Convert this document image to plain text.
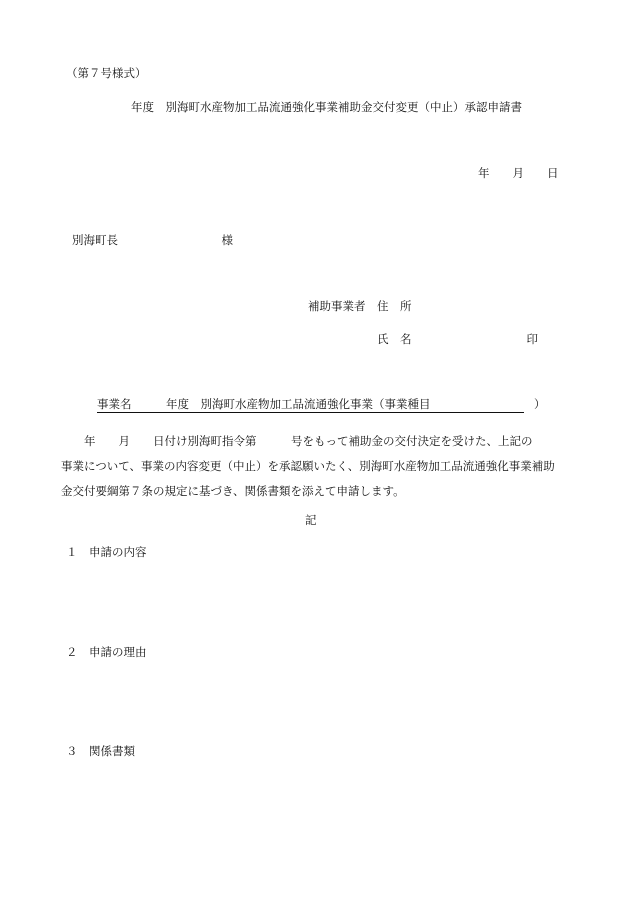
（第７号様式）
年度　別海町水産物加工品流通強化事業補助金交付変更（中止）承認申請書
年　　月　　日
別海町長　　　　　　　　　様
補助事業者　住　所
氏　名　　　　　　　　　　印
事業名　　　年度　別海町水産物加工品流通強化事業（事業種目　　　　　　　　　）
　　年　　月　　日付け別海町指令第　　　号をもって補助金の交付決定を受けた、上記の
事業について、事業の内容変更（中止）を承認願いたく、別海町水産物加工品流通強化事業補助
金交付要綱第７条の規定に基づき、関係書類を添えて申請します。
記
１　申請の内容
２　申請の理由
３　関係書類
